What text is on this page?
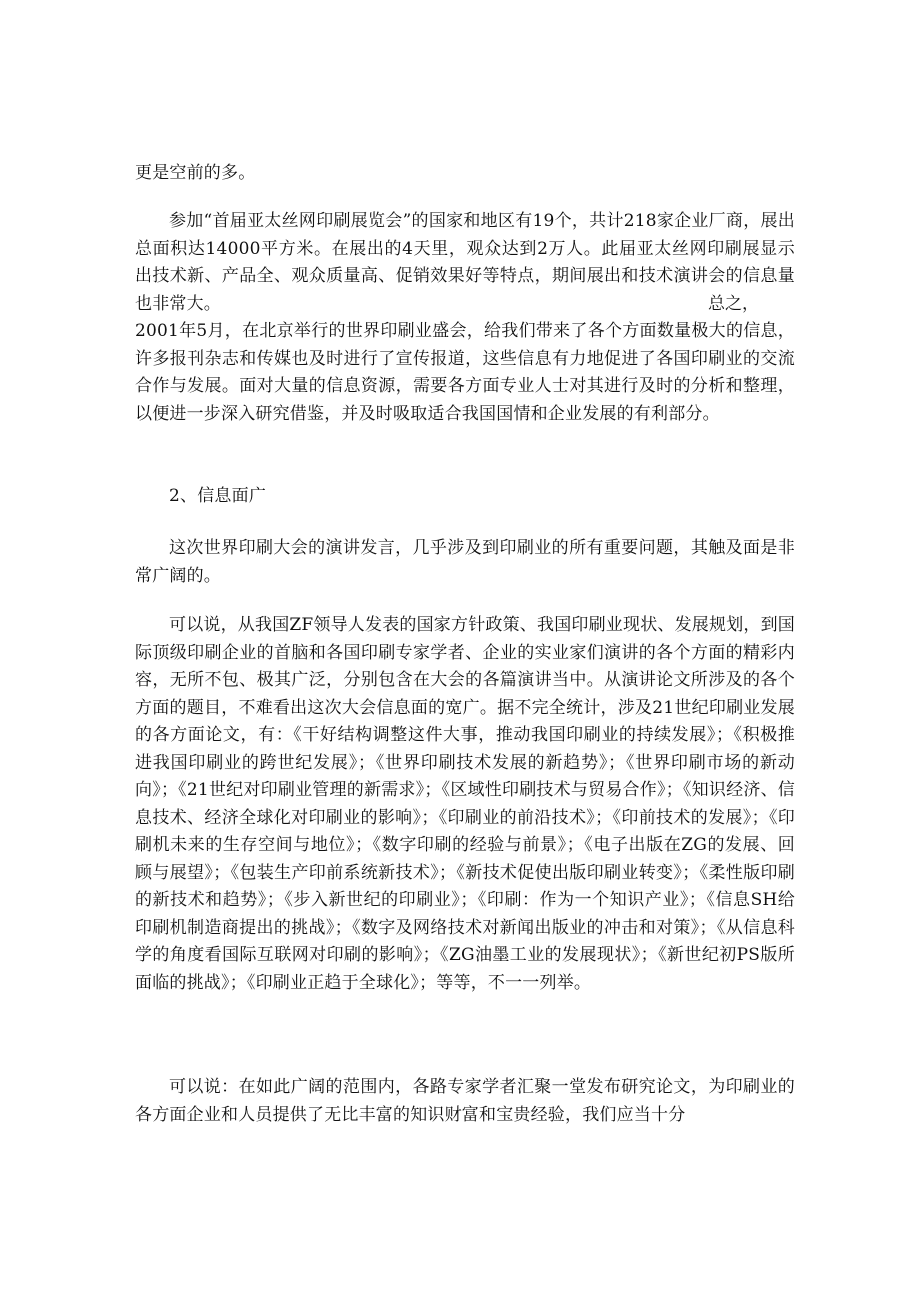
更是空前的多。

参加“首届亚太丝网印刷展览会”的国家和地区有19个，共计218家企业厂商，展出总面积达14000平方米。在展出的4天里，观众达到2万人。此届亚太丝网印刷展显示出技术新、产品全、观众质量高、促销效果好等特点，期间展出和技术演讲会的信息量也非常大。	总之，

2001年5月，在北京举行的世界印刷业盛会，给我们带来了各个方面数量极大的信息，许多报刊杂志和传媒也及时进行了宣传报道，这些信息有力地促进了各国印刷业的交流合作与发展。面对大量的信息资源，需要各方面专业人士对其进行及时的分析和整理，以便进一步深入研究借鉴，并及时吸取适合我国国情和企业发展的有利部分。

2、信息面广

这次世界印刷大会的演讲发言，几乎涉及到印刷业的所有重要问题，其触及面是非常广阔的。

可以说，从我国ZF领导人发表的国家方针政策、我国印刷业现状、发展规划，到国际顶级印刷企业的首脑和各国印刷专家学者、企业的实业家们演讲的各个方面的精彩内容，无所不包、极其广泛，分别包含在大会的各篇演讲当中。从演讲论文所涉及的各个方面的题目，不难看出这次大会信息面的宽广。据不完全统计，涉及21世纪印刷业发展的各方面论文，有：《干好结构调整这件大事，推动我国印刷业的持续发展》；《积极推进我国印刷业的跨世纪发展》；《世界印刷技术发展的新趋势》；《世界印刷市场的新动向》；《21世纪对印刷业管理的新需求》；《区域性印刷技术与贸易合作》；《知识经济、信息技术、经济全球化对印刷业的影响》；《印刷业的前沿技术》；《印前技术的发展》；《印刷机未来的生存空间与地位》；《数字印刷的经验与前景》；《电子出版在ZG的发展、回顾与展望》；《包装生产印前系统新技术》；《新技术促使出版印刷业转变》；《柔性版印刷的新技术和趋势》；《步入新世纪的印刷业》；《印刷：作为一个知识产业》；《信息SH给印刷机制造商提出的挑战》；《数字及网络技术对新闻出版业的冲击和对策》；《从信息科学的角度看国际互联网对印刷的影响》；《ZG油墨工业的发展现状》；《新世纪初PS版所面临的挑战》；《印刷业正趋于全球化》；等等，不一一列举。

可以说：在如此广阔的范围内，各路专家学者汇聚一堂发布研究论文，为印刷业的各方面企业和人员提供了无比丰富的知识财富和宝贵经验，我们应当十分
